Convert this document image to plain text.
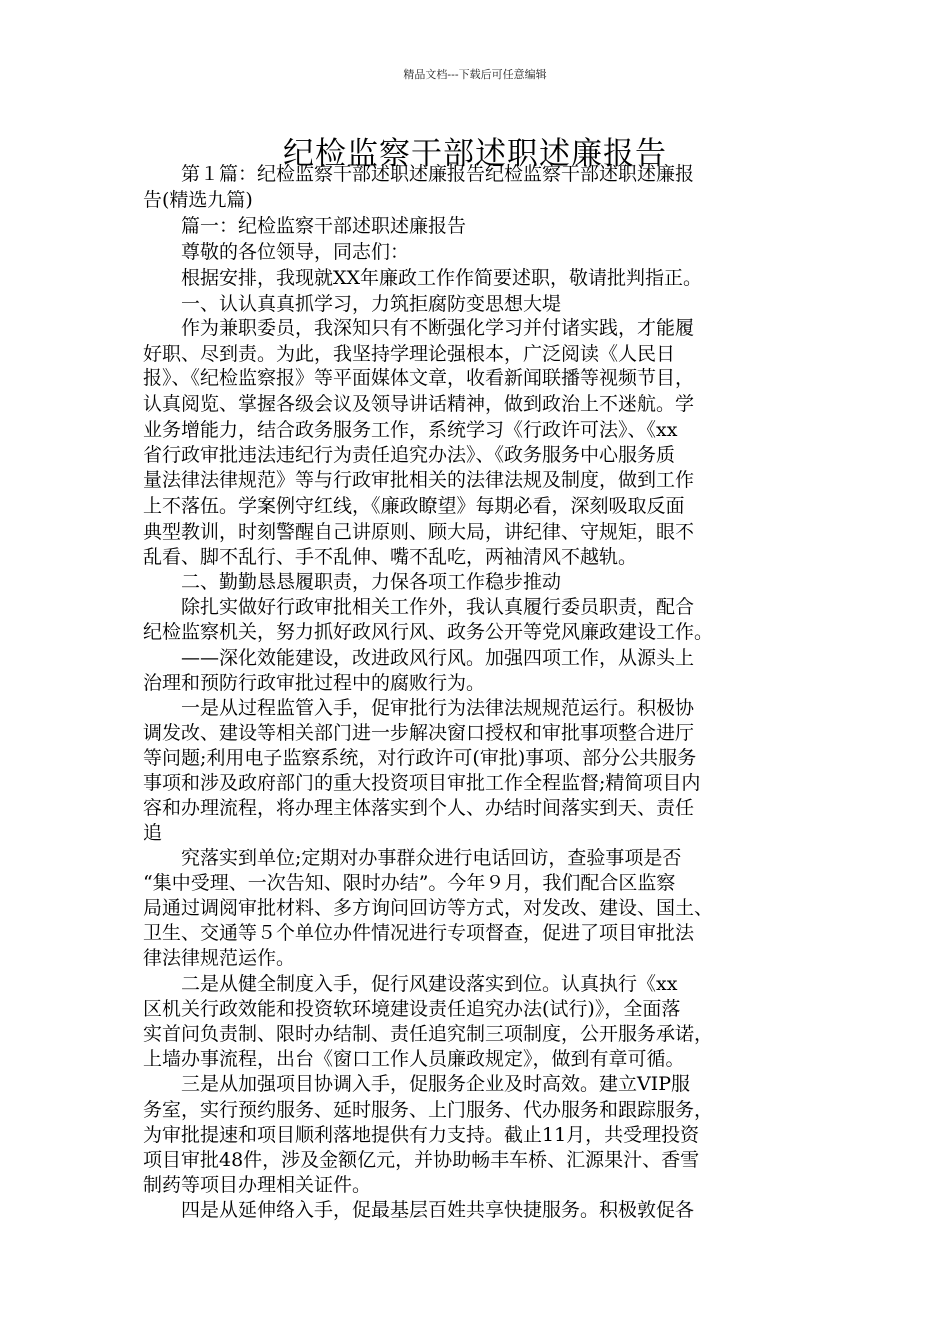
精品文档---下载后可任意编辑
纪检监察干部述职述廉报告
　　第１篇：纪检监察干部述职述廉报告纪检监察干部述职述廉报
告(精选九篇)
　　篇一：纪检监察干部述职述廉报告
　　尊敬的各位领导，同志们：
　　根据安排，我现就XX年廉政工作作简要述职，敬请批判指正。
　　一、认认真真抓学习，力筑拒腐防变思想大堤
　　作为兼职委员，我深知只有不断强化学习并付诸实践，才能履
好职、尽到责。为此，我坚持学理论强根本，广泛阅读《人民日
报》、《纪检监察报》等平面媒体文章，收看新闻联播等视频节目，
认真阅览、掌握各级会议及领导讲话精神，做到政治上不迷航。学
业务增能力，结合政务服务工作，系统学习《行政许可法》、《xx
省行政审批违法违纪行为责任追究办法》、《政务服务中心服务质
量法律法律规范》等与行政审批相关的法律法规及制度，做到工作
上不落伍。学案例守红线，《廉政瞭望》每期必看，深刻吸取反面
典型教训，时刻警醒自己讲原则、顾大局，讲纪律、守规矩，眼不
乱看、脚不乱行、手不乱伸、嘴不乱吃，两袖清风不越轨。
　　二、勤勤恳恳履职责，力保各项工作稳步推动
　　除扎实做好行政审批相关工作外，我认真履行委员职责，配合
纪检监察机关，努力抓好政风行风、政务公开等党风廉政建设工作。
　　——深化效能建设，改进政风行风。加强四项工作，从源头上
治理和预防行政审批过程中的腐败行为。
　　一是从过程监管入手，促审批行为法律法规规范运行。积极协
调发改、建设等相关部门进一步解决窗口授权和审批事项整合进厅
等问题;利用电子监察系统，对行政许可(审批)事项、部分公共服务
事项和涉及政府部门的重大投资项目审批工作全程监督;精简项目内
容和办理流程，将办理主体落实到个人、办结时间落实到天、责任
追
　　究落实到单位;定期对办事群众进行电话回访，查验事项是否
“集中受理、一次告知、限时办结”。今年９月，我们配合区监察
局通过调阅审批材料、多方询问回访等方式，对发改、建设、国土、
卫生、交通等５个单位办件情况进行专项督查，促进了项目审批法
律法律规范运作。
　　二是从健全制度入手，促行风建设落实到位。认真执行《xx
区机关行政效能和投资软环境建设责任追究办法(试行)》，全面落
实首问负责制、限时办结制、责任追究制三项制度，公开服务承诺，
上墙办事流程，出台《窗口工作人员廉政规定》，做到有章可循。
　　三是从加强项目协调入手，促服务企业及时高效。建立VIP服
务室，实行预约服务、延时服务、上门服务、代办服务和跟踪服务，
为审批提速和项目顺利落地提供有力支持。截止11月，共受理投资
项目审批48件，涉及金额亿元，并协助畅丰车桥、汇源果汁、香雪
制药等项目办理相关证件。
　　四是从延伸络入手，促最基层百姓共享快捷服务。积极敦促各
